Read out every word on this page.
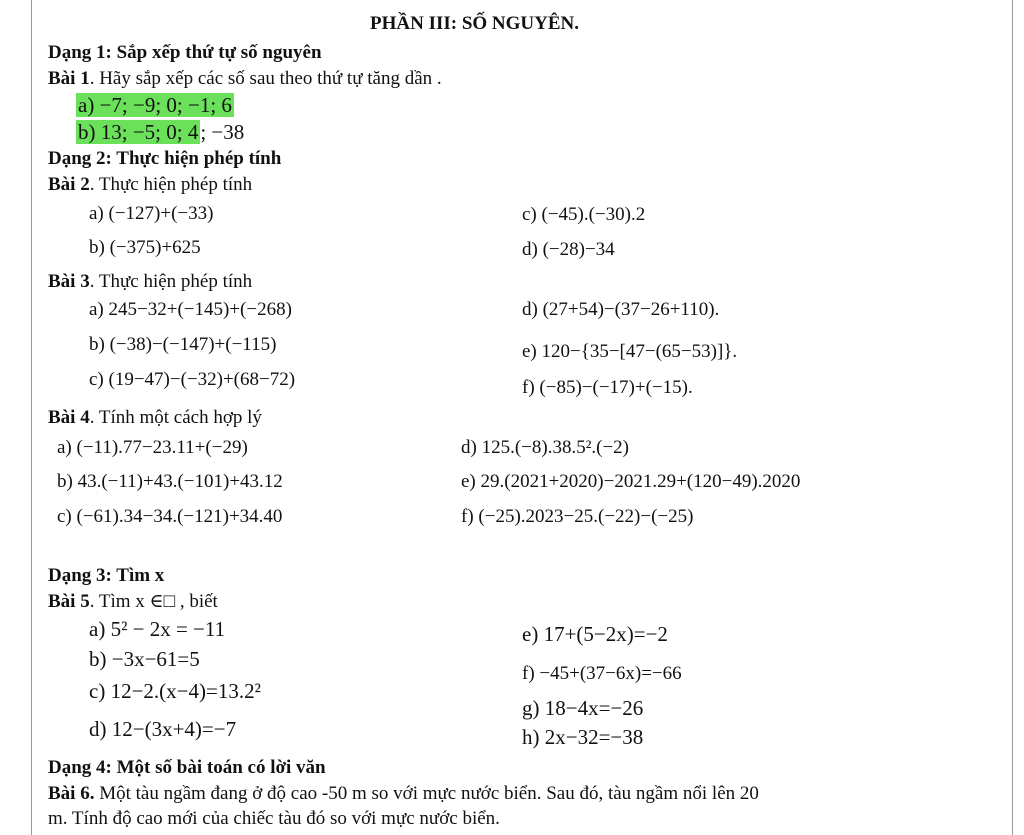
PHẦN III: SỐ NGUYÊN.
Dạng 1: Sắp xếp thứ tự số nguyên
Bài 1. Hãy sắp xếp các số sau theo thứ tự tăng dần .
a) −7; −9; 0; −1; 6
b) 13; −5; 0; 4; −38
Dạng 2: Thực hiện phép tính
Bài 2. Thực hiện phép tính
a) (−127)+(−33)
b) (−375)+625
c) (−45).(−30).2
d) (−28)−34
Bài 3. Thực hiện phép tính
a) 245−32+(−145)+(−268)
b) (−38)−(−147)+(−115)
c) (19−47)−(−32)+(68−72)
d) (27+54)−(37−26+110).
e) 120−{35−[47−(65−53)]}.
f) (−85)−(−17)+(−15).
Bài 4. Tính một cách hợp lý
a) (−11).77−23.11+(−29)
b) 43.(−11)+43.(−101)+43.12
c) (−61).34−34.(−121)+34.40
d) 125.(−8).38.5².(−2)
e) 29.(2021+2020)−2021.29+(120−49).2020
f) (−25).2023−25.(−22)−(−25)
Dạng 3: Tìm x
Bài 5. Tìm x ∈□ , biết
a) 5² − 2x = −11
b) −3x−61=5
c) 12−2.(x−4)=13.2²
d) 12−(3x+4)=−7
e) 17+(5−2x)=−2
f) −45+(37−6x)=−66
g) 18−4x=−26
h) 2x−32=−38
Dạng 4: Một số bài toán có lời văn
Bài 6. Một tàu ngầm đang ở độ cao -50 m so với mực nước biển. Sau đó, tàu ngầm nổi lên 20
m. Tính độ cao mới của chiếc tàu đó so với mực nước biển.
